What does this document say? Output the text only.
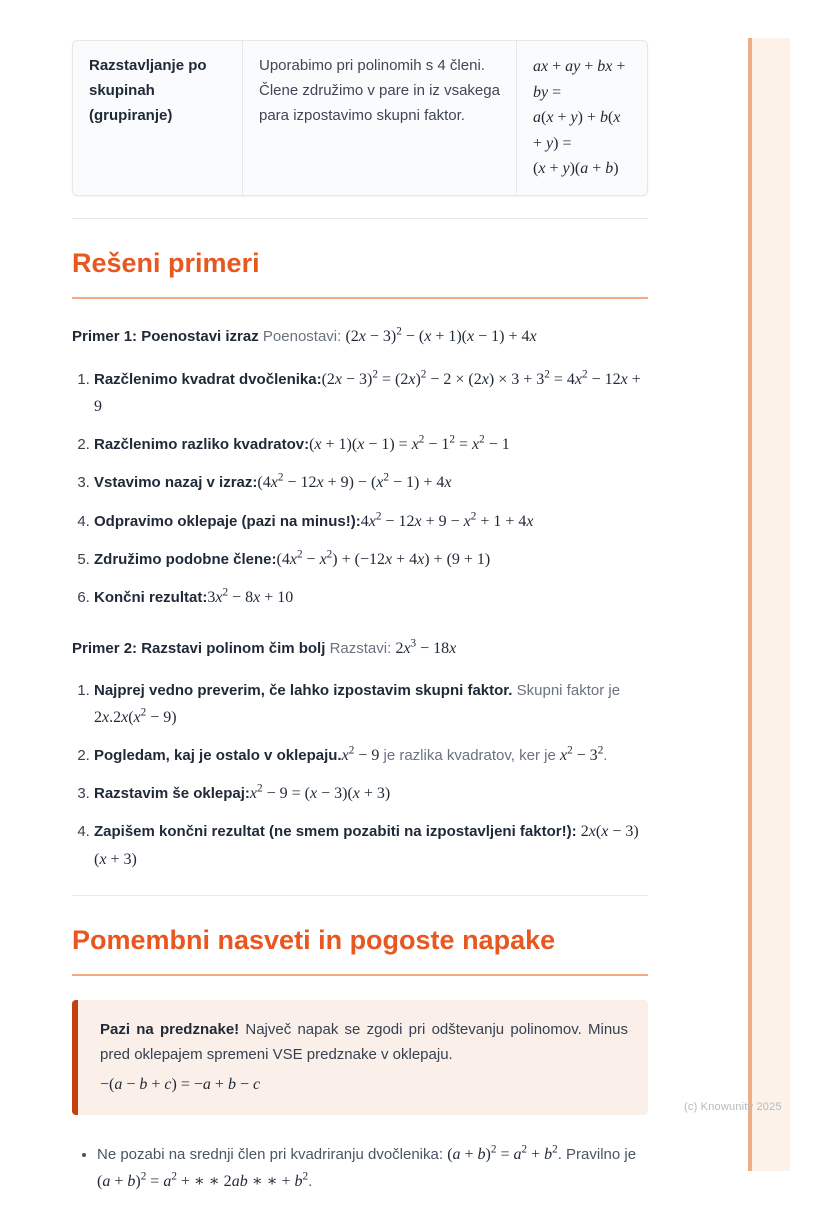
Razstavljanje po skupinah (grupiranje)
Uporabimo pri polinomih s 4 členi. Člene združimo v pare in iz vsakega para izpostavimo skupni faktor.
ax + ay + bx + by =
a(x + y) + b(x + y) =
(x + y)(a + b)
Rešeni primeri

Primer 1: Poenostavi izraz Poenostavi: $(2x - 3)^2 - (x + 1)(x - 1) + 4x$

1. Razčlenimo kvadrat dvočlenika:(2x − $3)^2 = (2x)^2 - 2 \times (2x) \times 3 + 3^2 = 4x^2 - 12x + 9$
2. Razčlenimo razliko kvadratov:(x + $1)(x - 1) = x^2 - 1^2 = x^2 - 1$
3. Vstavimo nazaj v $izraz:(4x^2 - 12x + 9) - (x^2 - 1) + 4x$
4. Odpravimo oklepaje (pazi na $minus!):4x^2 - 12x + 9 - x^2 + 1 + 4x$
5. Združimo podobne $člene:(4x^2 - x^2) + (-12x + 4x) + (9 + 1)$
6. Končni $rezultat:3x^2 - 8x + 10$

Primer 2: Razstavi polinom čim bolj Razstavi: $2x^3 - 18x$

1. Najprej vedno preverim, če lahko izpostavim skupni faktor. Skupni faktor je $2x.2x(x^2 - 9)$
2. Pogledam, kaj je ostalo v $oklepaju.x^2 - 9$ je razlika kvadratov, ker je $x^2 - 3^2$.
3. Razstavim še $oklepaj:x^2 - 9 = (x - 3)(x + 3)$
4. Zapišem končni rezultat (ne smem pozabiti na izpostavljeni faktor!): 2x(x − 3)(x + 3)
Pomembni nasveti in pogoste napake
Pazi na predznake! Največ napak se zgodi pri odštevanju polinomov. Minus pred oklepajem spremeni VSE predznake v oklepaju.
−(a − b + c) = −a + b − c
• Ne pozabi na srednji člen pri kvadriranju dvočlenika: $(a + b)^2 = a^2 + b^2$. Pravilno je $(a + b)^2 = a^2$ + ∗ ∗ 2ab ∗ ∗ + $b^2$.
(c) Knowunity 2025
